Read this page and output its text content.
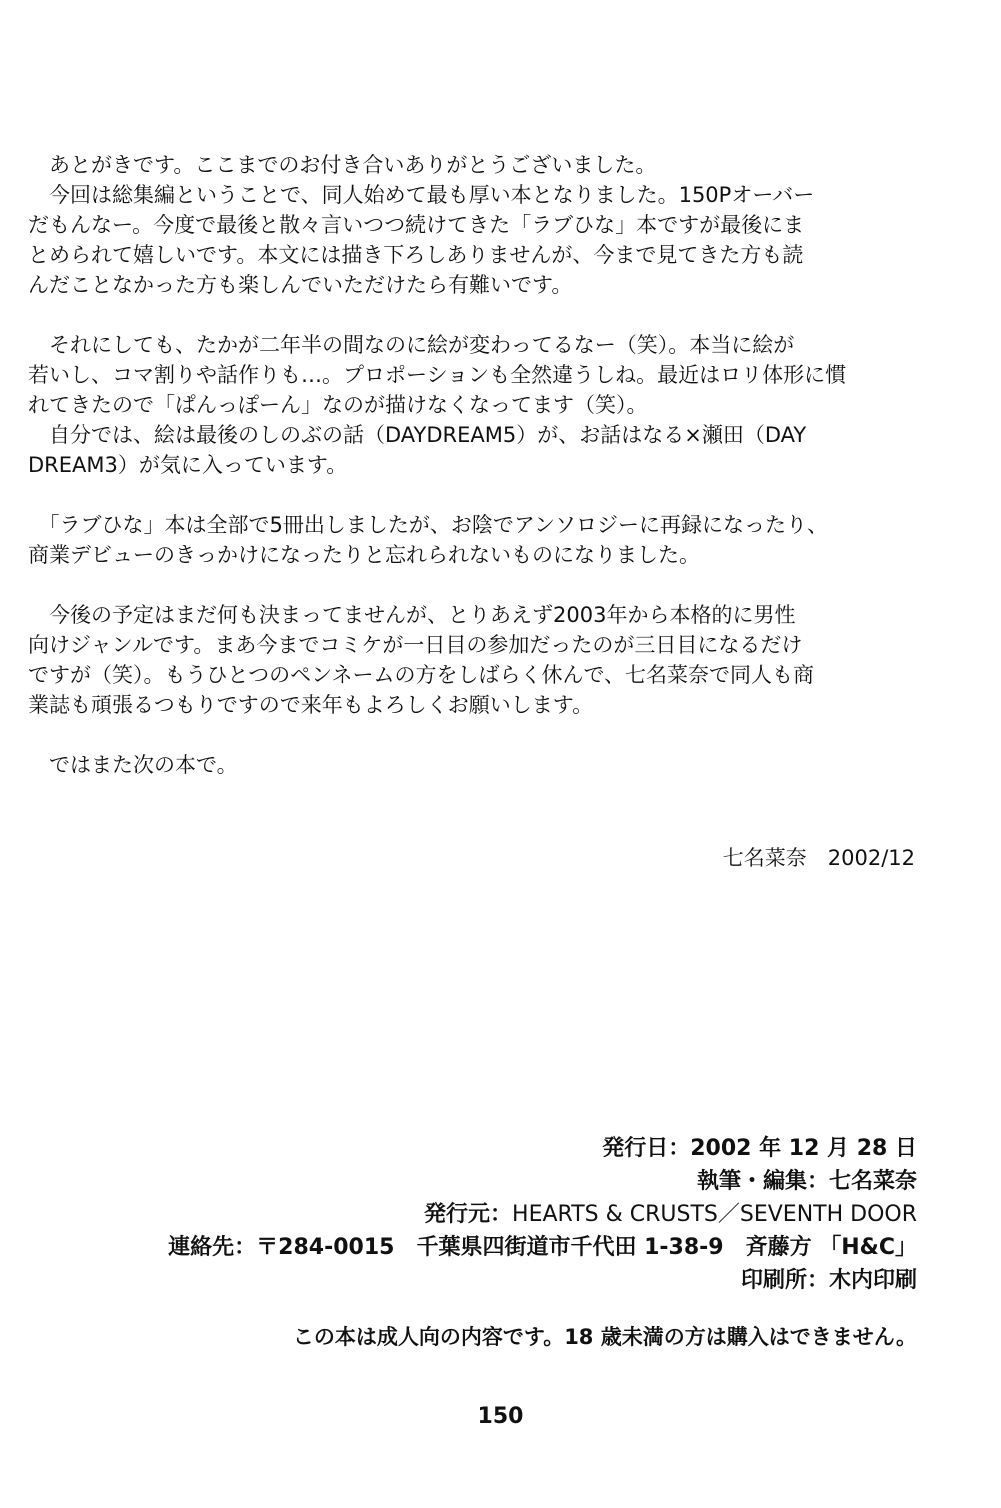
　あとがきです。ここまでのお付き合いありがとうございました。
　今回は総集編ということで、同人始めて最も厚い本となりました。150Pオーバー
だもんなー。今度で最後と散々言いつつ続けてきた「ラブひな」本ですが最後にま
とめられて嬉しいです。本文には描き下ろしありませんが、今まで見てきた方も読
んだことなかった方も楽しんでいただけたら有難いです。
　それにしても、たかが二年半の間なのに絵が変わってるなー（笑）。本当に絵が
若いし、コマ割りや話作りも…。プロポーションも全然違うしね。最近はロリ体形に慣
れてきたので「ぱんっぽーん」なのが描けなくなってます（笑）。
　自分では、絵は最後のしのぶの話（DAYDREAM5）が、お話はなる×瀬田（DAY
DREAM3）が気に入っています。
　「ラブひな」本は全部で5冊出しましたが、お陰でアンソロジーに再録になったり、
商業デビューのきっかけになったりと忘れられないものになりました。
　今後の予定はまだ何も決まってませんが、とりあえず2003年から本格的に男性
向けジャンルです。まあ今までコミケが一日目の参加だったのが三日目になるだけ
ですが（笑）。もうひとつのペンネームの方をしばらく休んで、七名菜奈で同人も商
業誌も頑張るつもりですので来年もよろしくお願いします。
　ではまた次の本で。
七名菜奈　 2002/12
発行日：2002 年 12 月 28 日
執筆・編集：七名菜奈
発行元：HEARTS & CRUSTS／SEVENTH DOOR
連絡先：〒284-0015　千葉県四街道市千代田 1-38-9　斉藤方 「H&C」
印刷所：木内印刷
この本は成人向の内容です。18 歳未満の方は購入はできません。
150
